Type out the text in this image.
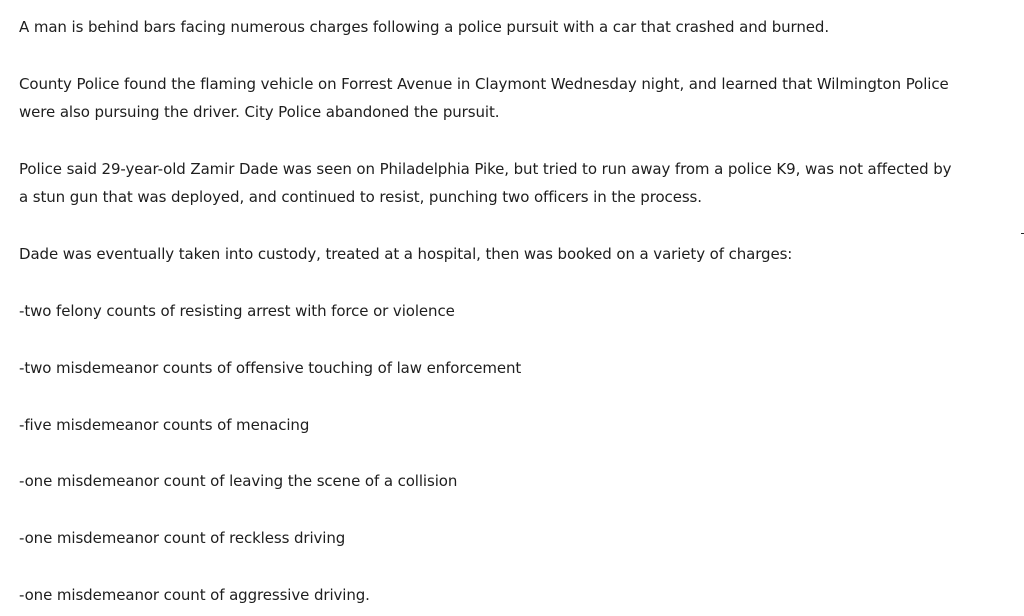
A man is behind bars facing numerous charges following a police pursuit with a car that crashed and burned.

County Police found the flaming vehicle on Forrest Avenue in Claymont Wednesday night, and learned that Wilmington Police

were also pursuing the driver. City Police abandoned the pursuit.

Police said 29-year-old Zamir Dade was seen on Philadelphia Pike, but tried to run away from a police K9, was not affected by

a stun gun that was deployed, and continued to resist, punching two officers in the process.

Dade was eventually taken into custody, treated at a hospital, then was booked on a variety of charges:

-two felony counts of resisting arrest with force or violence

-two misdemeanor counts of offensive touching of law enforcement

-five misdemeanor counts of menacing

-one misdemeanor count of leaving the scene of a collision

-one misdemeanor count of reckless driving

-one misdemeanor count of aggressive driving.
